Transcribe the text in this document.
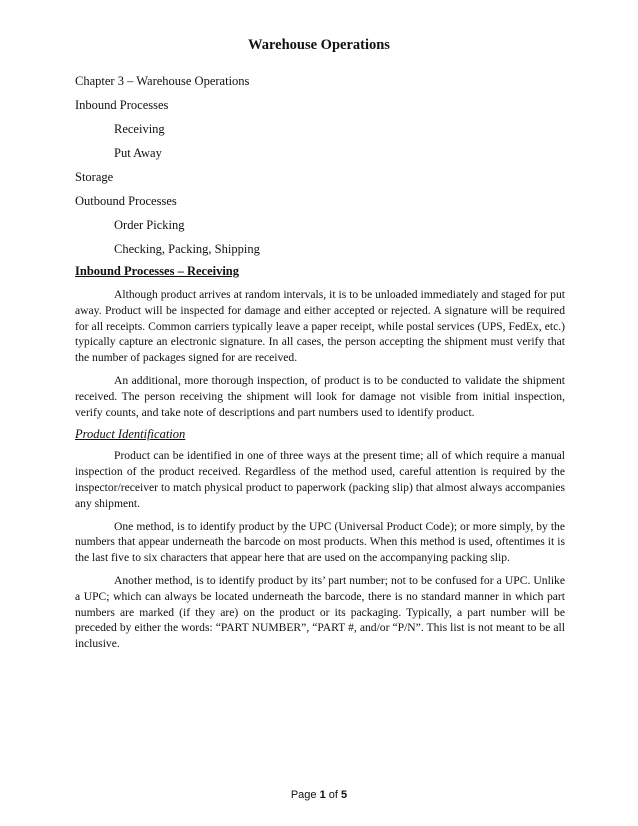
Warehouse Operations
Chapter 3 – Warehouse Operations
Inbound Processes
Receiving
Put Away
Storage
Outbound Processes
Order Picking
Checking, Packing, Shipping
Inbound Processes – Receiving

Although product arrives at random intervals, it is to be unloaded immediately and staged for put away. Product will be inspected for damage and either accepted or rejected. A signature will be required for all receipts. Common carriers typically leave a paper receipt, while postal services (UPS, FedEx, etc.) typically capture an electronic signature. In all cases, the person accepting the shipment must verify that the number of packages signed for are received.

An additional, more thorough inspection, of product is to be conducted to validate the shipment received. The person receiving the shipment will look for damage not visible from initial inspection, verify counts, and take note of descriptions and part numbers used to identify product.

Product Identification

Product can be identified in one of three ways at the present time; all of which require a manual inspection of the product received. Regardless of the method used, careful attention is required by the inspector/receiver to match physical product to paperwork (packing slip) that almost always accompanies any shipment.

One method, is to identify product by the UPC (Universal Product Code); or more simply, by the numbers that appear underneath the barcode on most products. When this method is used, oftentimes it is the last five to six characters that appear here that are used on the accompanying packing slip.

Another method, is to identify product by its’ part number; not to be confused for a UPC. Unlike a UPC; which can always be located underneath the barcode, there is no standard manner in which part numbers are marked (if they are) on the product or its packaging. Typically, a part number will be preceded by either the words: “PART NUMBER”, “PART #, and/or “P/N”. This list is not meant to be all inclusive.

Page 1 of 5
